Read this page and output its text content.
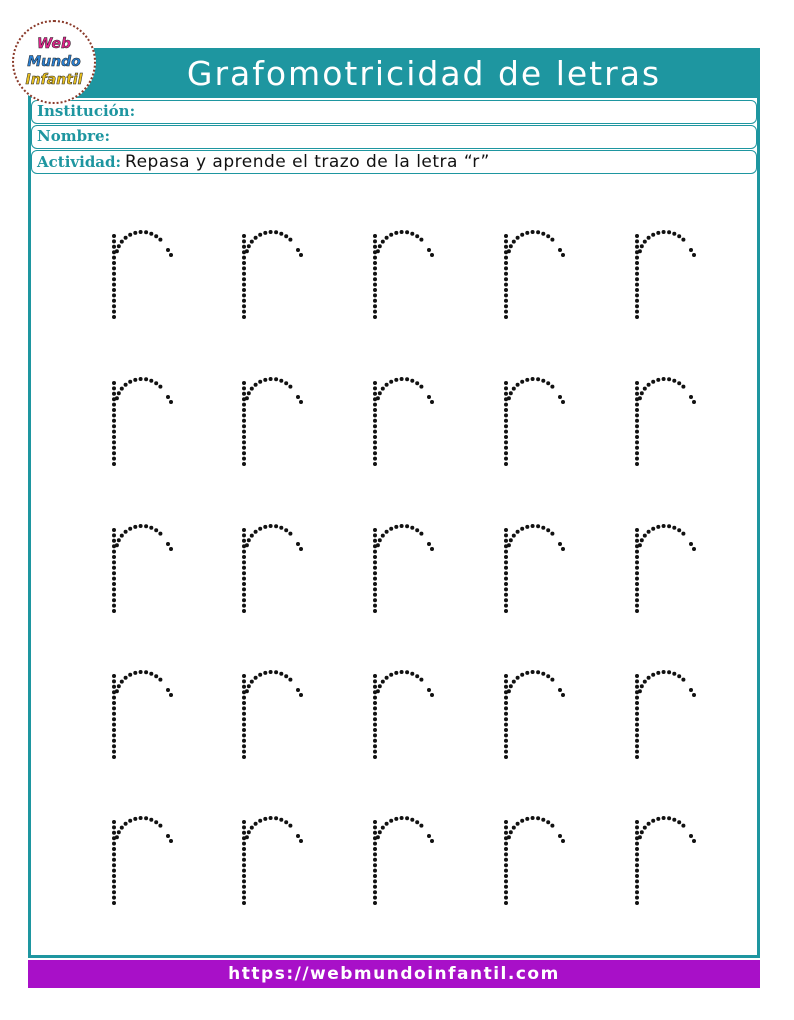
Grafomotricidad de letras
Web
Mundo
Infantil
Institución:
Nombre:
Actividad: Repasa y aprende el trazo de la letra “r”
https://webmundoinfantil.com
